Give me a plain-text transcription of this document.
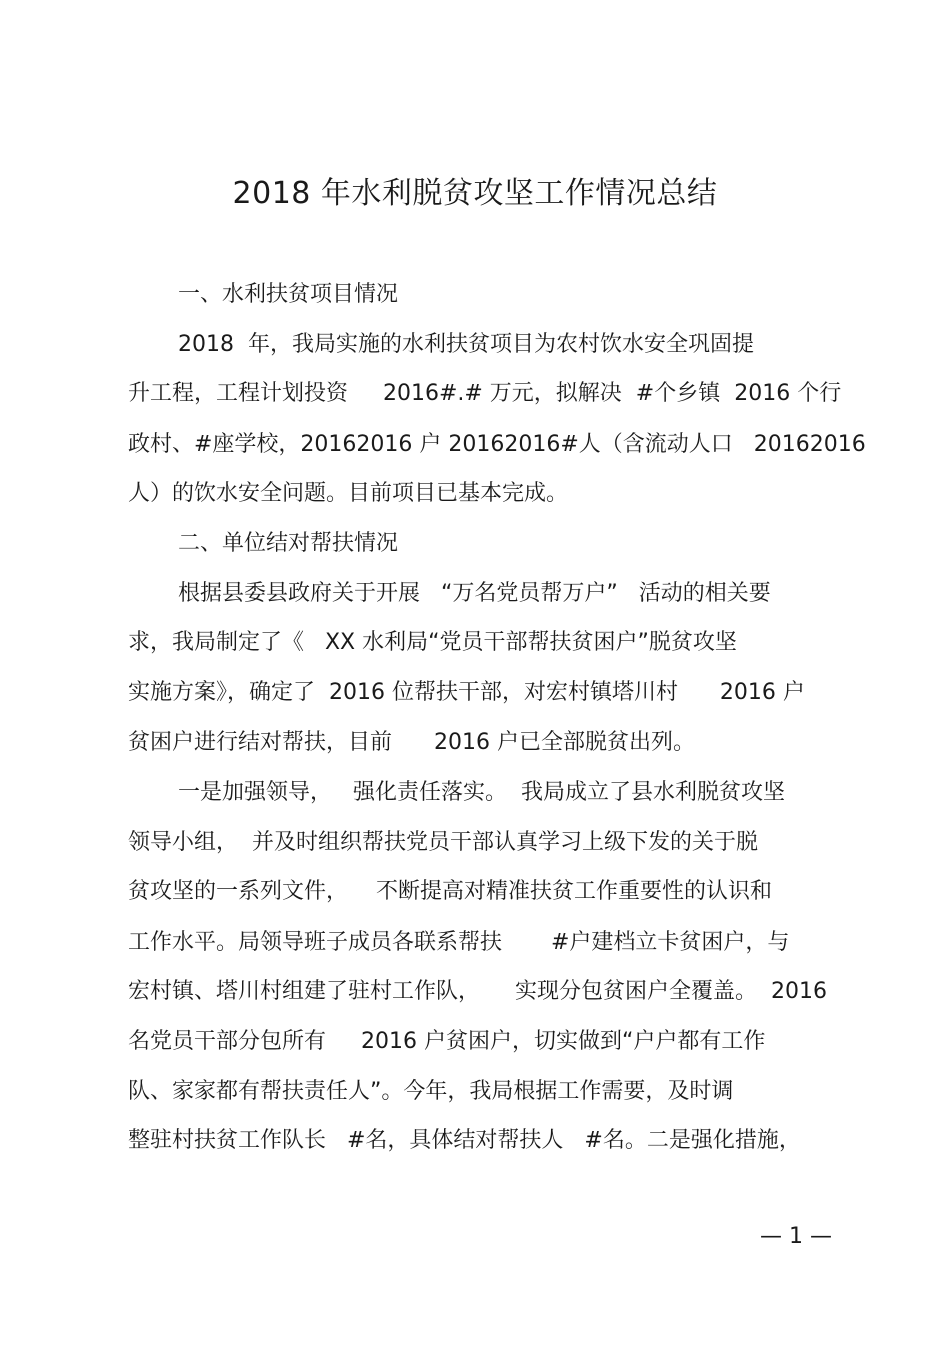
2018 年水利脱贫攻坚工作情况总结
一、水利扶贫项目情况
2018  年，我局实施的水利扶贫项目为农村饮水安全巩固提
升工程，工程计划投资     2016#.# 万元，拟解决  #个乡镇  2016 个行
政村、#座学校，20162016 户 20162016#人（含流动人口   20162016
人）的饮水安全问题。目前项目已基本完成。
二、单位结对帮扶情况
根据县委县政府关于开展   “万名党员帮万户”   活动的相关要
求，我局制定了《   XX 水利局“党员干部帮扶贫困户”脱贫攻坚
实施方案》，确定了  2016 位帮扶干部，对宏村镇塔川村      2016 户
贫困户进行结对帮扶，目前      2016 户已全部脱贫出列。
一是加强领导，   强化责任落实。  我局成立了县水利脱贫攻坚
领导小组，  并及时组织帮扶党员干部认真学习上级下发的关于脱
贫攻坚的一系列文件，    不断提高对精准扶贫工作重要性的认识和
工作水平。局领导班子成员各联系帮扶       #户建档立卡贫困户，与
宏村镇、塔川村组建了驻村工作队，     实现分包贫困户全覆盖。  2016
名党员干部分包所有     2016 户贫困户，切实做到“户户都有工作
队、家家都有帮扶责任人”。今年，我局根据工作需要，及时调
整驻村扶贫工作队长   #名，具体结对帮扶人   #名。二是强化措施，
— 1 —
